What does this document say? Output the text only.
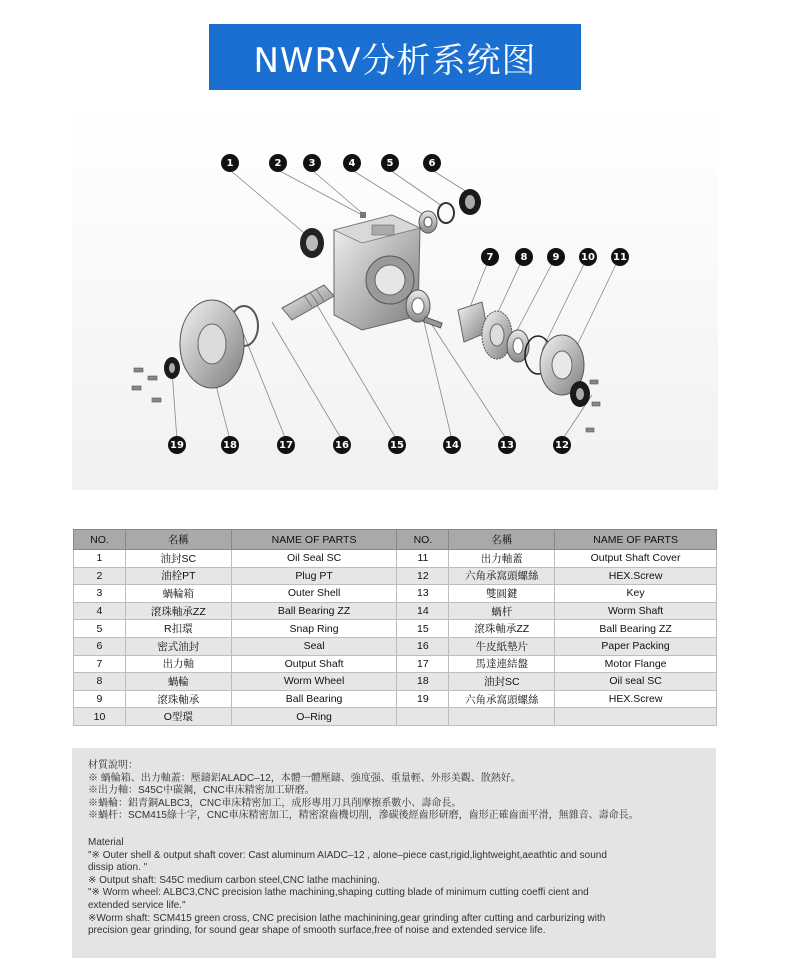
NWRV分析系统图
1	2	3	4	5	6
7	8	9	10 11
19	18	17	16	15	14	13	12
NO.	名稱	NAME OF PARTS	NO.	名稱	NAME OF PARTS
1	油封SC	Oil Seal SC	11	出力軸蓋	Output Shaft Cover
2	油栓PT	Plug PT	12	六角承窩頭螺絲	HEX.Screw
3	蝸輪箱	Outer Shell	13	雙圓鍵	Key
4	滾珠軸承ZZ	Ball Bearing ZZ	14	蝸杆	Worm Shaft
5	R扣環	Snap Ring	15	滾珠軸承ZZ	Ball Bearing ZZ
6	密式油封	Seal	16	牛皮紙墊片	Paper Packing
7	出力軸	Output Shaft	17	馬達連結盤	Motor Flange
8	蝸輪	Worm Wheel	18	油封SC	Oil seal SC
9	滾珠軸承	Ball Bearing	19	六角承窩頭螺絲	HEX.Screw
10	O型環	O–Ring			

材質說明：

※ 蝸輪箱、出力軸蓋：壓鑄鋁ALADC–12，本體一體壓鑄、強度强、重量輕、外形美觀、散熱好。

※出力軸：S45C中碳鋼，CNC車床精密加工研磨。

※蝸輪：鋁青銅ALBC3，CNC車床精密加工，成形專用刀具削摩擦系數小、壽命長。

※蝸杆：SCM415綠十字，CNC車床精密加工，精密滾齒機切削，滲碳後經齒形研磨，齒形正確齒面平滑，無雜音、壽命長。

Material

"※ Outer shell & output shaft cover: Cast aluminum AIADC–12 , alone–piece cast,rigid,lightweight,aeathtic and sound

dissip ation. "

※ Output shaft: S45C medium carbon steel,CNC lathe machining.

"※ Worm wheel: ALBC3,CNC precision lathe machining,shaping cutting blade of minimum cutting coeffi cient and

extended service life."

※Worm shaft: SCM415 green cross, CNC precision lathe machinining,gear grinding after cutting and carburizing with

precision gear grinding, for sound gear shape of smooth surface,free of noise and extended service life.
